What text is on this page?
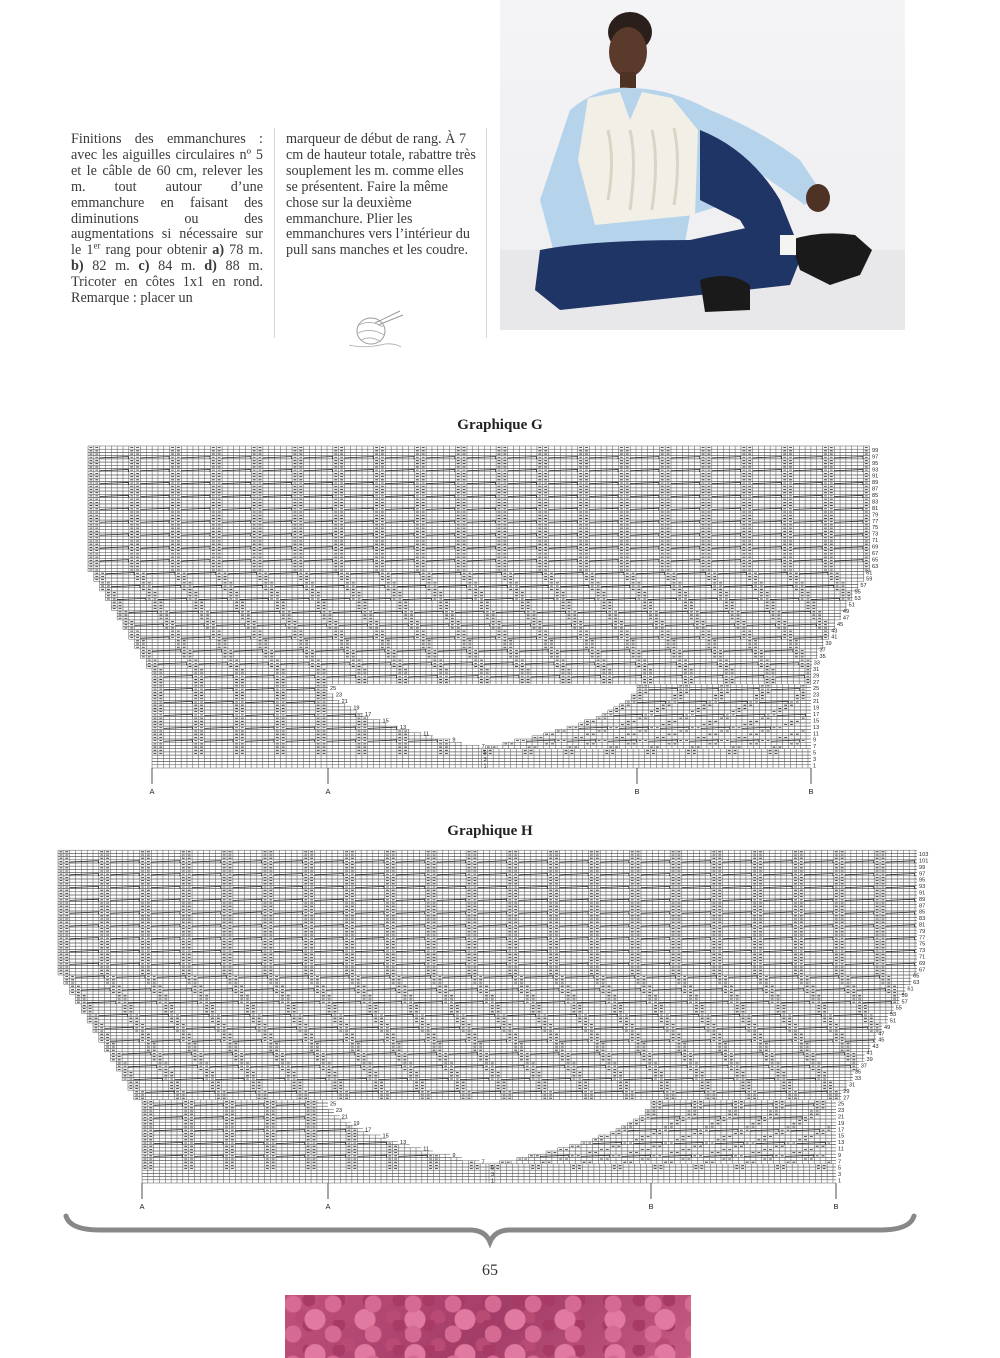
Finitions des emmanchures : avec les aiguilles circulaires nº 5 et le câble de 60 cm, relever les m. tout autour d’une emmanchure en faisant des diminutions ou des augmentations si nécessaire sur le 1er rang pour obtenir a) 78 m. b) 82 m. c) 84 m. d) 88 m. Tricoter en côtes 1x1 en rond. Remarque : placer un
marqueur de début de rang. À 7 cm de hauteur totale, rabattre très souplement les m. comme elles se présentent. Faire la même chose sur la deuxième emmanchure. Plier les emmanchures vers l’intérieur du pull sans manches et les coudre.
Graphique G
Graphique H
1
1
3
3
5
5
7
7
9
9
11
11
13
13
15
15
17
17
19
19
21
21
23
23
25
25
27
29
31
33
35
37
39
41
43
45
47
49
51
53
55
57
59
61
63
65
67
69
71
73
75
77
79
81
83
85
87
89
91
93
95
97
99
A	A	B	B
1
1
3
3
5
5
7
7
9
9
11
11
13
13
15
15
17
17
19
19
21
21
23
23
25
25
27
29
31
33
35
37
39
41
43
45
47
49
51
53
55
57
59
61
63
65
67
69
71
73
75
77
79
81
83
85
87
89
91
93
95
97
99
101
103
A	A	B	B
65
